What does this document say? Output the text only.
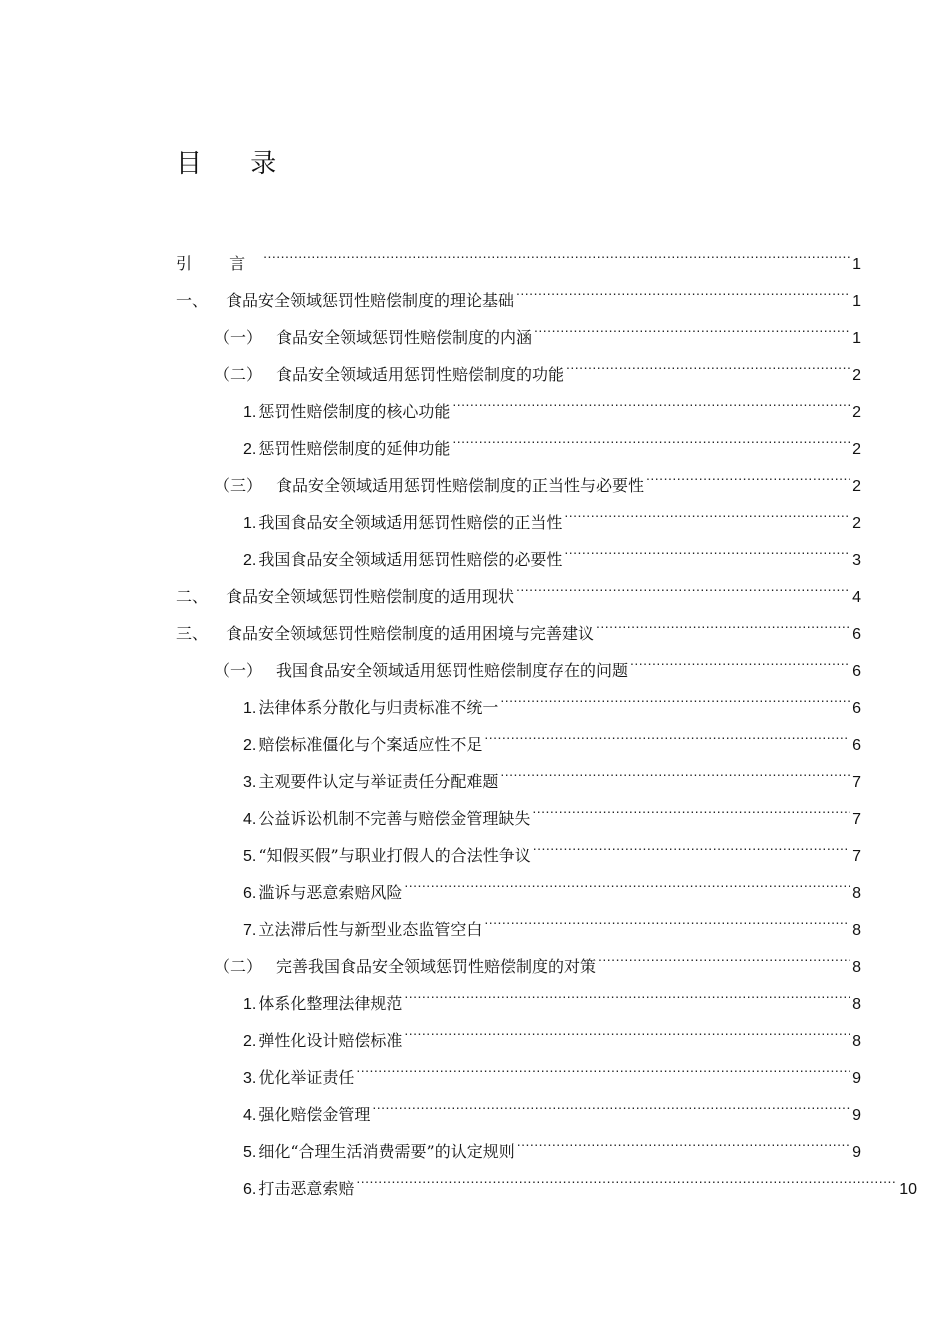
目 录
引 言 .....	1
一、	食品安全领域惩罚性赔偿制度的理论基础 .....	1
（一） 食品安全领域惩罚性赔偿制度的内涵 .....	1
（二） 食品安全领域适用惩罚性赔偿制度的功能 .....	2
1. 惩罚性赔偿制度的核心功能 .....	2
2. 惩罚性赔偿制度的延伸功能 .....	2
（三） 食品安全领域适用惩罚性赔偿制度的正当性与必要性 .....	2
1. 我国食品安全领域适用惩罚性赔偿的正当性 .....	2
2. 我国食品安全领域适用惩罚性赔偿的必要性 .....	3
二、	食品安全领域惩罚性赔偿制度的适用现状 .....	4
三、	食品安全领域惩罚性赔偿制度的适用困境与完善建议 .....	6
（一） 我国食品安全领域适用惩罚性赔偿制度存在的问题 .....	6
1. 法律体系分散化与归责标准不统一 .....	6
2. 赔偿标准僵化与个案适应性不足 .....	6
3. 主观要件认定与举证责任分配难题 .....	7
4. 公益诉讼机制不完善与赔偿金管理缺失 .....	7
5. “知假买假”与职业打假人的合法性争议 .....	7
6. 滥诉与恶意索赔风险 .....	8
7. 立法滞后性与新型业态监管空白 .....	8
（二） 完善我国食品安全领域惩罚性赔偿制度的对策 .....	8
1. 体系化整理法律规范 .....	8
2. 弹性化设计赔偿标准 .....	8
3. 优化举证责任 .....	9
4. 强化赔偿金管理 .....	9
5. 细化“合理生活消费需要”的认定规则 .....	9
6. 打击恶意索赔 .....	10
